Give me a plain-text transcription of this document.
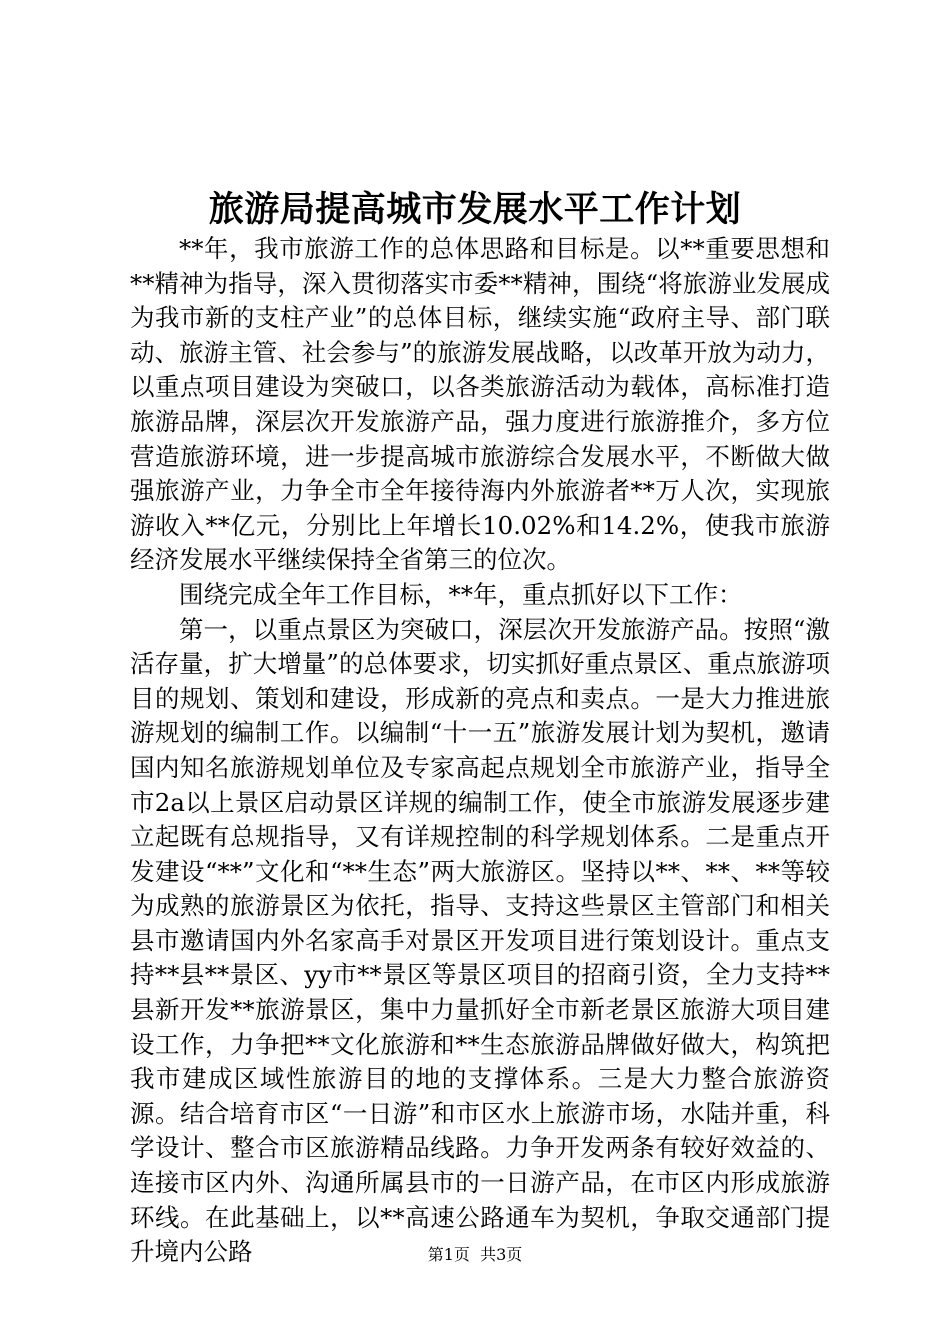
旅游局提高城市发展水平工作计划

**年，我市旅游工作的总体思路和目标是。以**重要思想和**精神为指导，深入贯彻落实市委**精神，围绕“将旅游业发展成为我市新的支柱产业”的总体目标，继续实施“政府主导、部门联动、旅游主管、社会参与”的旅游发展战略，以改革开放为动力，以重点项目建设为突破口，以各类旅游活动为载体，高标准打造旅游品牌，深层次开发旅游产品，强力度进行旅游推介，多方位营造旅游环境，进一步提高城市旅游综合发展水平，不断做大做强旅游产业，力争全市全年接待海内外旅游者**万人次，实现旅游收入**亿元，分别比上年增长10.02%和14.2%，使我市旅游经济发展水平继续保持全省第三的位次。

围绕完成全年工作目标，**年，重点抓好以下工作：

第一，以重点景区为突破口，深层次开发旅游产品。按照“激活存量，扩大增量”的总体要求，切实抓好重点景区、重点旅游项目的规划、策划和建设，形成新的亮点和卖点。一是大力推进旅游规划的编制工作。以编制“十一五”旅游发展计划为契机，邀请国内知名旅游规划单位及专家高起点规划全市旅游产业，指导全市2a以上景区启动景区详规的编制工作，使全市旅游发展逐步建立起既有总规指导，又有详规控制的科学规划体系。二是重点开发建设“**”文化和“**生态”两大旅游区。坚持以**、**、**等较为成熟的旅游景区为依托，指导、支持这些景区主管部门和相关县市邀请国内外名家高手对景区开发项目进行策划设计。重点支持**县**景区、yy市**景区等景区项目的招商引资，全力支持**县新开发**旅游景区，集中力量抓好全市新老景区旅游大项目建设工作，力争把**文化旅游和**生态旅游品牌做好做大，构筑把我市建成区域性旅游目的地的支撑体系。三是大力整合旅游资源。结合培育市区“一日游”和市区水上旅游市场，水陆并重，科学设计、整合市区旅游精品线路。力争开发两条有较好效益的、连接市区内外、沟通所属县市的一日游产品，在市区内形成旅游环线。在此基础上，以**高速公路通车为契机，争取交通部门提升境内公路	第1页 共3页
